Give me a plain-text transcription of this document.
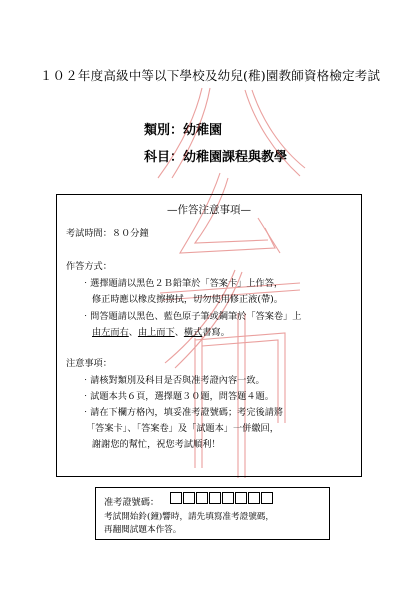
１０２年度高級中等以下學校及幼兒(稚)園教師資格檢定考試
類別：幼稚園
科目：幼稚園課程與教學
—作答注意事項—
考試時間：８０分鐘
作答方式：
‧選擇題請以黑色２Ｂ鉛筆於「答案卡」上作答，
修正時應以橡皮擦擦拭，切勿使用修正液(帶)。
‧問答題請以黑色、藍色原子筆或鋼筆於「答案卷」上
由左而右、由上而下、橫式書寫。
注意事項：
‧請核對類別及科目是否與准考證內容一致。
‧試題本共６頁，選擇題３０題，問答題４題。
‧請在下欄方格內，填妥准考證號碼；考完後請將
「答案卡」、「答案卷」及「試題本」一併繳回，
謝謝您的幫忙，祝您考試順利！
准考證號碼：
考試開始鈴(鐘)響時，請先填寫准考證號碼，
再翻閱試題本作答。
